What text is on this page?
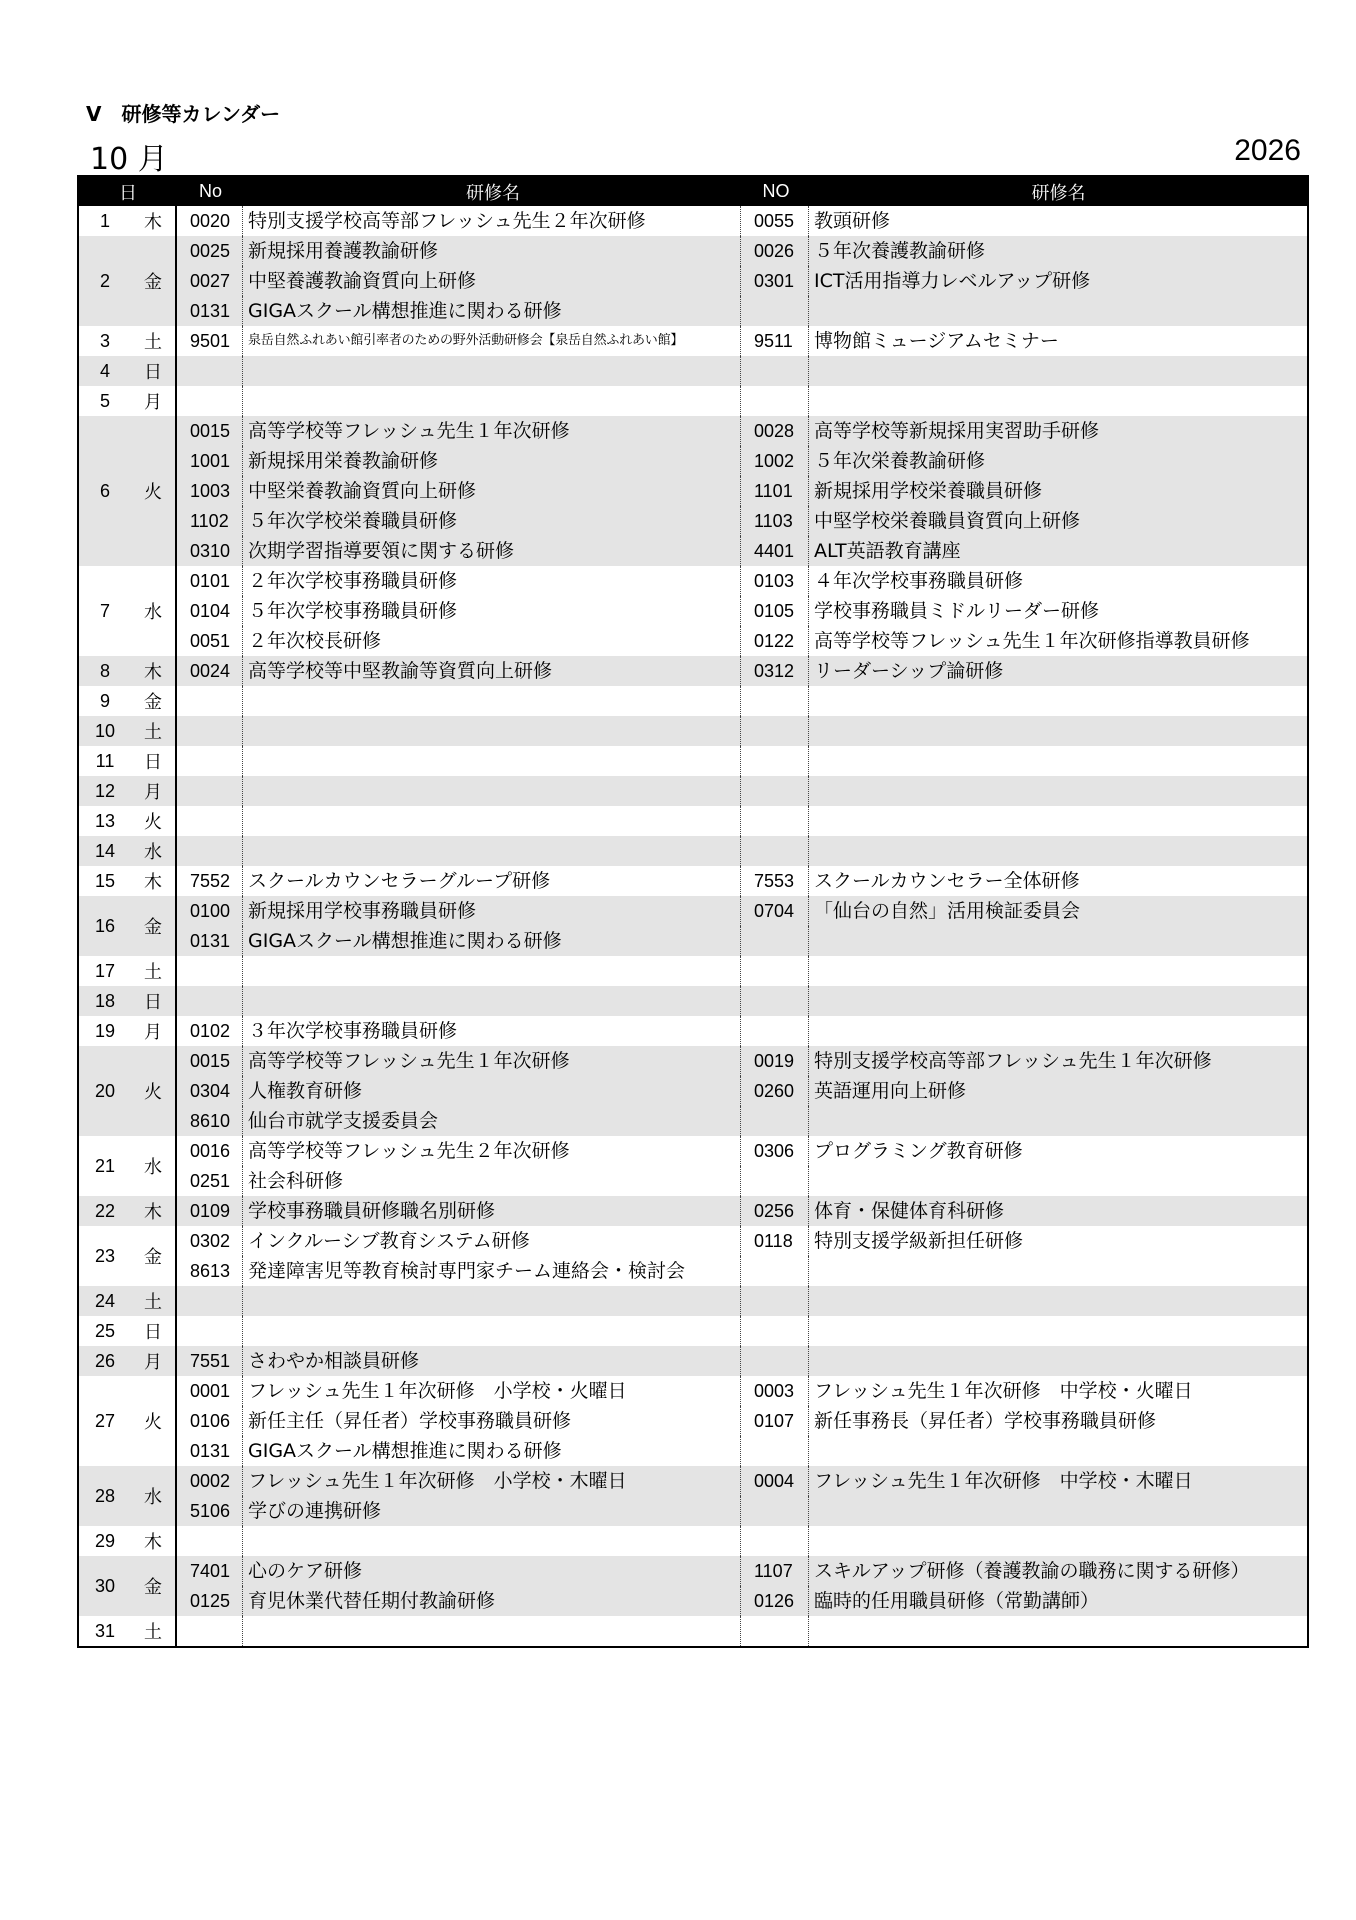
Ⅴ　研修等カレンダー
10 月	2026
日	No	研修名	NO	研修名
1	木	0020 特別支援学校高等部フレッシュ先生２年次研修	0055	教頭研修
2	金
0025 新規採用養護教諭研修	0026	５年次養護教諭研修
0027 中堅養護教諭資質向上研修	0301	ICT活用指導力レベルアップ研修
0131 GIGAスクール構想推進に関わる研修
3	土	9501	泉岳自然ふれあい館引率者のための野外活動研修会【泉岳自然ふれあい館】	9511	博物館ミュージアムセミナー
4	日
5	月
6	火
0015 高等学校等フレッシュ先生１年次研修	0028	高等学校等新規採用実習助手研修
1001 新規採用栄養教諭研修	1002	５年次栄養教諭研修
1003 中堅栄養教諭資質向上研修	1101	新規採用学校栄養職員研修
1102	５年次学校栄養職員研修	1103	中堅学校栄養職員資質向上研修
0310 次期学習指導要領に関する研修	4401	ALT英語教育講座
7	水
0101 ２年次学校事務職員研修	0103	４年次学校事務職員研修
0104 ５年次学校事務職員研修	0105	学校事務職員ミドルリーダー研修
0051 ２年次校長研修	0122	高等学校等フレッシュ先生１年次研修指導教員研修
8	木	0024 高等学校等中堅教諭等資質向上研修	0312	リーダーシップ論研修
9	金
10	土
11	日
12	月
13	火
14	水
15	木	7552 スクールカウンセラーグループ研修	7553	スクールカウンセラー全体研修
16	金
0100 新規採用学校事務職員研修	0704	「仙台の自然」活用検証委員会
0131 GIGAスクール構想推進に関わる研修
17	土
18	日
19	月	0102 ３年次学校事務職員研修
20	火
0015 高等学校等フレッシュ先生１年次研修	0019	特別支援学校高等部フレッシュ先生１年次研修
0304 人権教育研修	0260	英語運用向上研修
8610 仙台市就学支援委員会
21	水
0016 高等学校等フレッシュ先生２年次研修	0306	プログラミング教育研修
0251 社会科研修
22	木	0109 学校事務職員研修職名別研修	0256	体育・保健体育科研修
23	金
0302 インクルーシブ教育システム研修	0118	特別支援学級新担任研修
8613 発達障害児等教育検討専門家チーム連絡会・検討会
24	土
25	日
26	月	7551 さわやか相談員研修
27	火
0001 フレッシュ先生１年次研修　小学校・火曜日	0003	フレッシュ先生１年次研修　中学校・火曜日
0106 新任主任（昇任者）学校事務職員研修	0107	新任事務長（昇任者）学校事務職員研修
0131 GIGAスクール構想推進に関わる研修
28	水
0002 フレッシュ先生１年次研修　小学校・木曜日	0004	フレッシュ先生１年次研修　中学校・木曜日
5106 学びの連携研修
29	木
30	金
7401 心のケア研修	1107	スキルアップ研修（養護教諭の職務に関する研修）
0125 育児休業代替任期付教諭研修	0126	臨時的任用職員研修（常勤講師）
31	土
